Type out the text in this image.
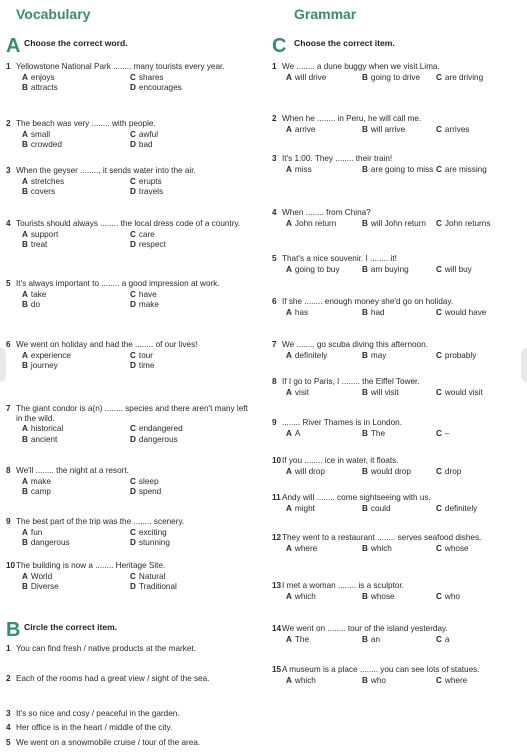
Vocabulary
A Choose the correct word.
1 Yellowstone National Park ........ many tourists every year.
A enjoys	C shares
B attracts	D encourages
2 The beach was very ........ with people.
A small	C awful
B crowded	D bad
3 When the geyser ........, it sends water into the air.
A stretches	C erupts
B covers	D travels
4 Tourists should always ........ the local dress code of a country.
A support	C care
B treat	D respect
5 It's always important to ........ a good impression at work.
A take	C have
B do	D make
6 We went on holiday and had the ........ of our lives!
A experience	C tour
B journey	D time
7 The giant condor is a(n) ........ species and there aren't many left in the wild.
A historical	C endangered
B ancient	D dangerous
8 We'll ........ the night at a resort.
A make	C sleep
B camp	D spend
9 The best part of the trip was the ........ scenery.
A fun	C exciting
B dangerous	D stunning
10 The building is now a ........ Heritage Site.
A World	C Natural
B Diverse	D Traditional
B Circle the correct item.
1 You can find fresh / native products at the market.
2 Each of the rooms had a great view / sight of the sea.
3 It's so nice and cosy / peaceful in the garden.
4 Her office is in the heart / middle of the city.
5 We went on a snowmobile cruise / tour of the area.
Grammar
C Choose the correct item.
1 We ........ a dune buggy when we visit Lima.
A will drive	B going to drive	C are driving
2 When he ........ in Peru, he will call me.
A arrive	B will arrive	C arrives
3 It's 1:00. They ........ their train!
A miss	B are going to miss C are missing
4 When ........ from China?
A John return	B will John return	C John returns
5 That's a nice souvenir. I ........ it!
A going to buy	B am buying	C will buy
6 If she ........ enough money she'd go on holiday.
A has	B had	C would have
7 We ........ go scuba diving this afternoon.
A definitely	B may	C probably
8 If I go to Paris, I ........ the Eiffel Tower.
A visit	B will visit	C would visit
9 ........ River Thames is in London.
A A	B The	C –
10 If you ........ ice in water, it floats.
A will drop	B would drop	C drop
11 Andy will ........ come sightseeing with us.
A might	B could	C definitely
12 They went to a restaurant ........ serves seafood dishes.
A where	B which	C whose
13 I met a woman ........ is a sculptor.
A which	B whose	C who
14 We went on ........ tour of the island yesterday.
A The	B an	C a
15 A museum is a place ........ you can see lots of statues.
A which	B who	C where
